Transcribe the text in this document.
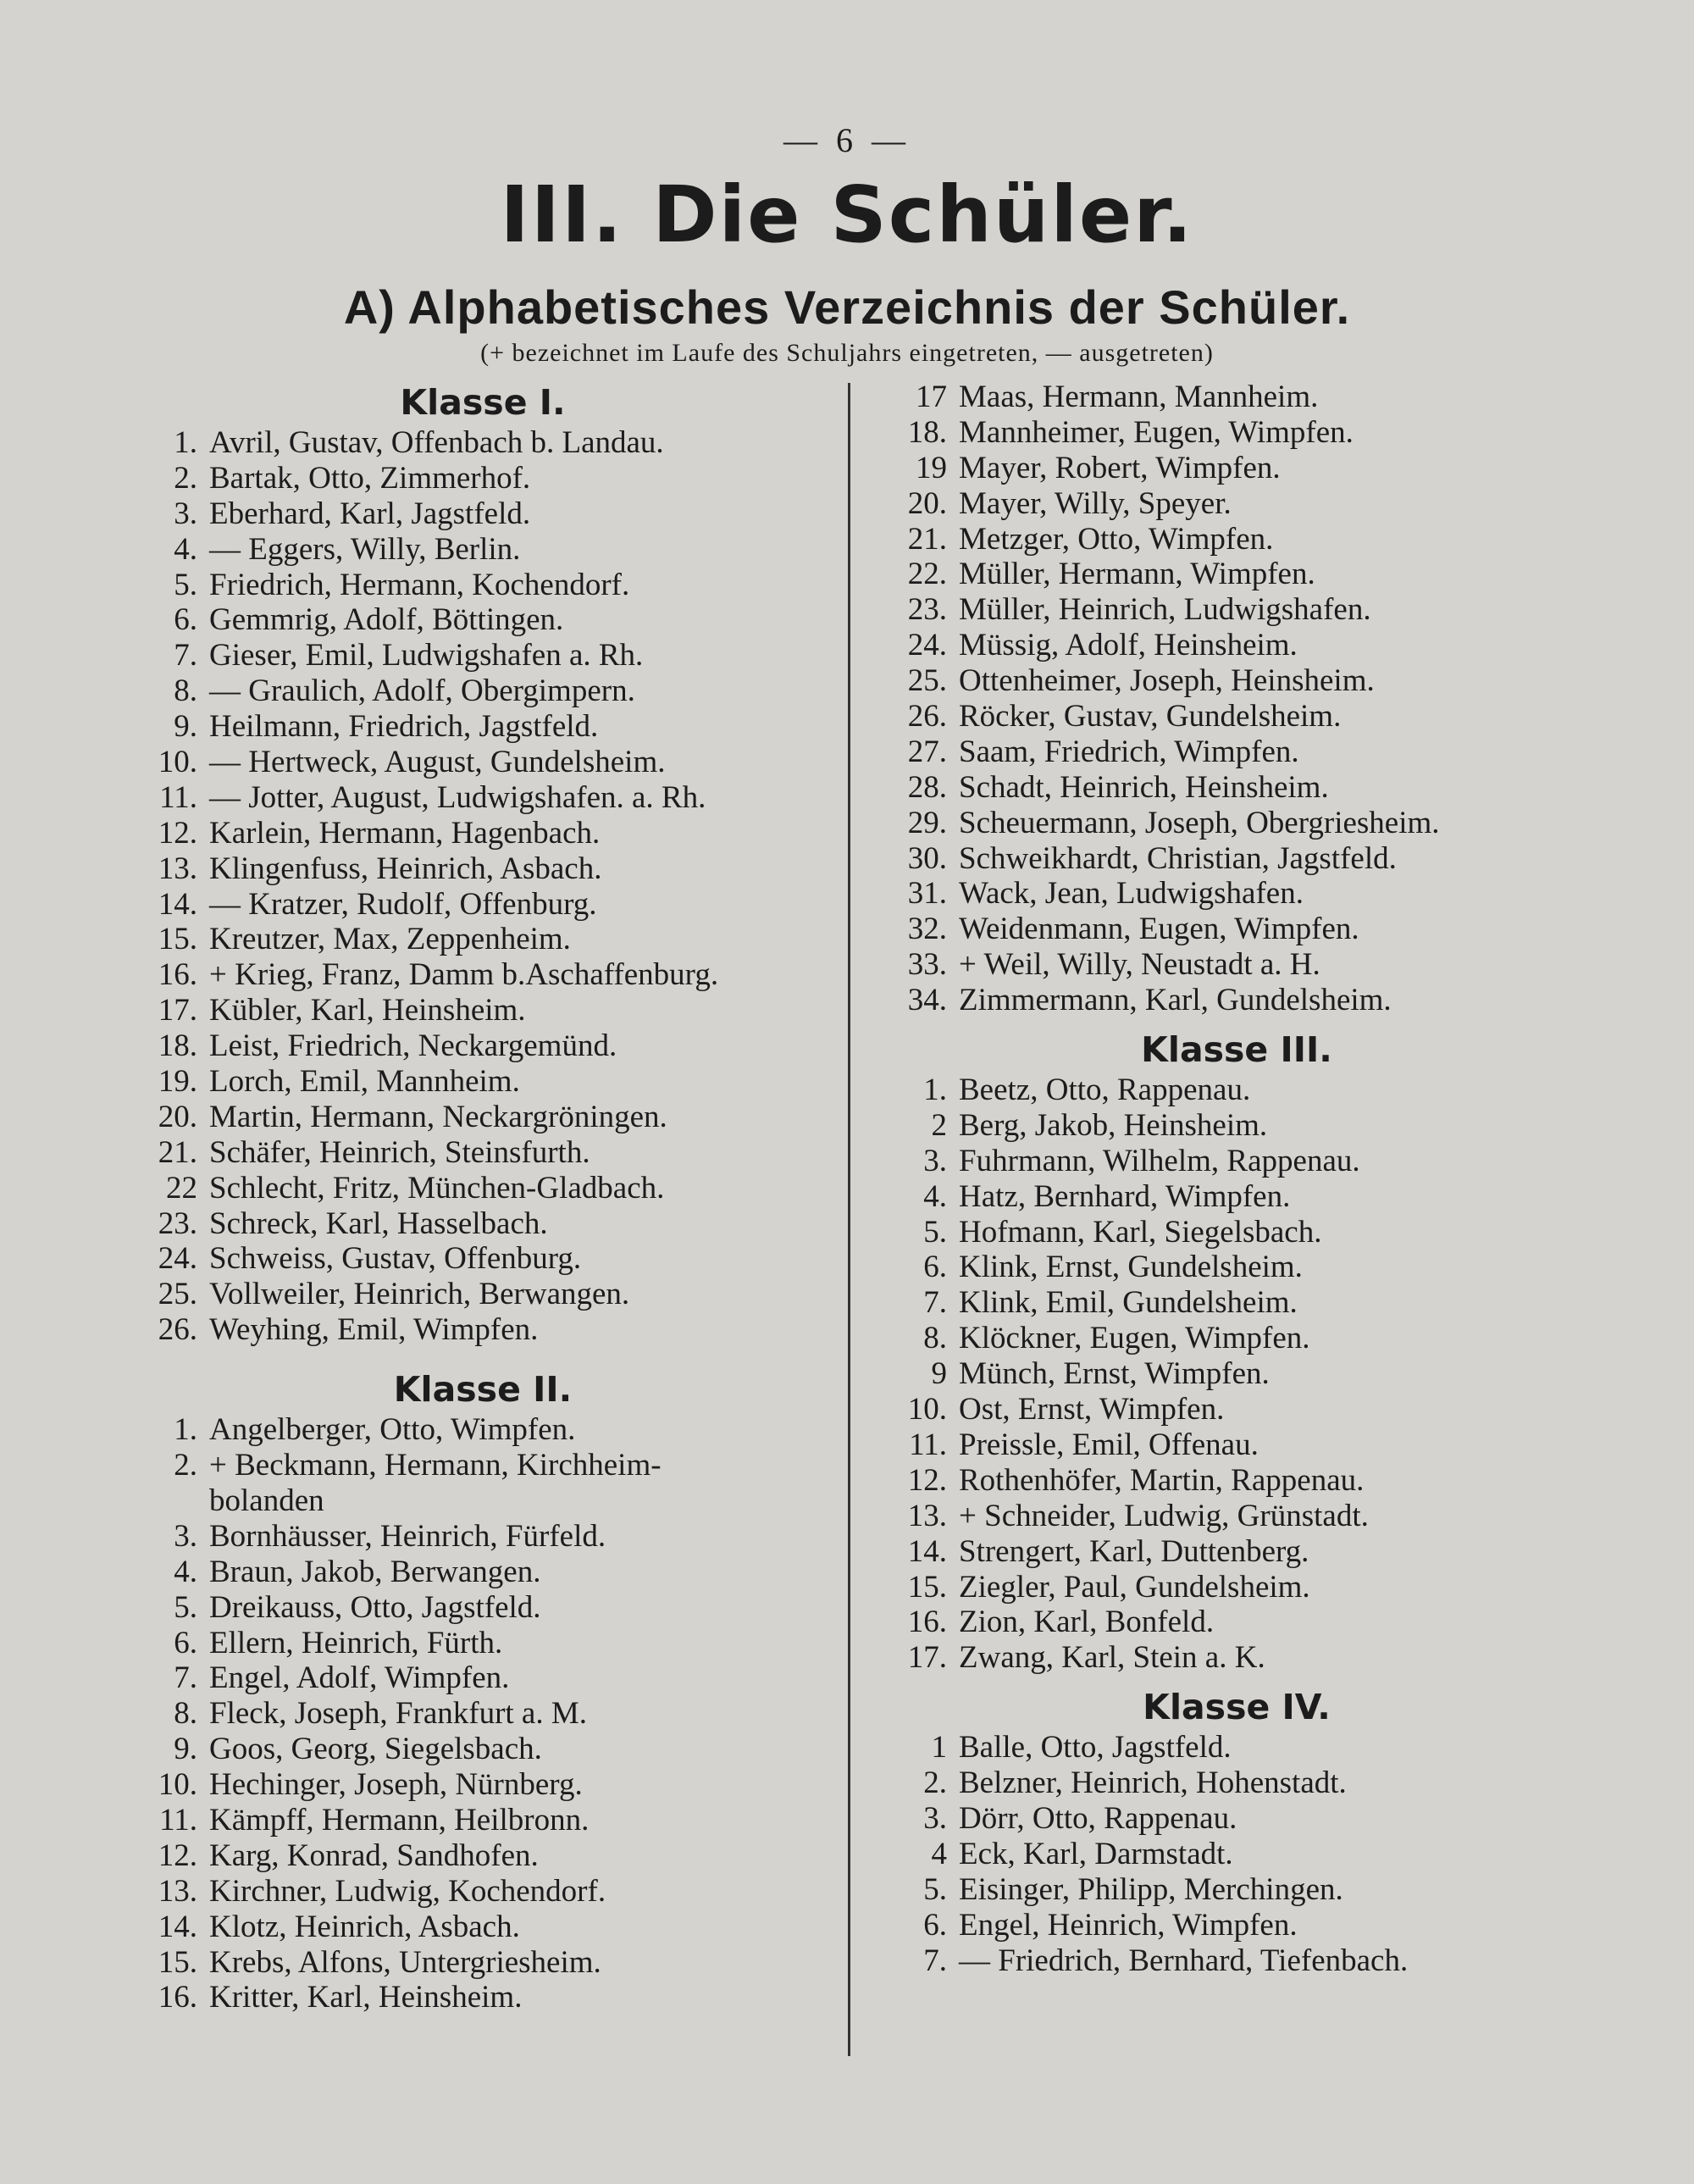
— 6 —
III. Die Schüler.
A) Alphabetisches Verzeichnis der Schüler.
(+ bezeichnet im Laufe des Schuljahrs eingetreten, — ausgetreten)
Klasse I.
1. Avril, Gustav, Offenbach b. Landau.
2. Bartak, Otto, Zimmerhof.
3. Eberhard, Karl, Jagstfeld.
4. — Eggers, Willy, Berlin.
5. Friedrich, Hermann, Kochendorf.
6. Gemmrig, Adolf, Böttingen.
7. Gieser, Emil, Ludwigshafen a. Rh.
8. — Graulich, Adolf, Obergimpern.
9. Heilmann, Friedrich, Jagstfeld.
10. — Hertweck, August, Gundelsheim.
11. — Jotter, August, Ludwigshafen. a. Rh.
12. Karlein, Hermann, Hagenbach.
13. Klingenfuss, Heinrich, Asbach.
14. — Kratzer, Rudolf, Offenburg.
15. Kreutzer, Max, Zeppenheim.
16. + Krieg, Franz, Damm b.Aschaffenburg.
17. Kübler, Karl, Heinsheim.
18. Leist, Friedrich, Neckargemünd.
19. Lorch, Emil, Mannheim.
20. Martin, Hermann, Neckargröningen.
21. Schäfer, Heinrich, Steinsfurth.
22 Schlecht, Fritz, München-Gladbach.
23. Schreck, Karl, Hasselbach.
24. Schweiss, Gustav, Offenburg.
25. Vollweiler, Heinrich, Berwangen.
26. Weyhing, Emil, Wimpfen.
Klasse II.
1. Angelberger, Otto, Wimpfen.
2. + Beckmann, Hermann, Kirchheim-
bolanden
3. Bornhäusser, Heinrich, Fürfeld.
4. Braun, Jakob, Berwangen.
5. Dreikauss, Otto, Jagstfeld.
6. Ellern, Heinrich, Fürth.
7. Engel, Adolf, Wimpfen.
8. Fleck, Joseph, Frankfurt a. M.
9. Goos, Georg, Siegelsbach.
10. Hechinger, Joseph, Nürnberg.
11. Kämpff, Hermann, Heilbronn.
12. Karg, Konrad, Sandhofen.
13. Kirchner, Ludwig, Kochendorf.
14. Klotz, Heinrich, Asbach.
15. Krebs, Alfons, Untergriesheim.
16. Kritter, Karl, Heinsheim.
17 Maas, Hermann, Mannheim.
18. Mannheimer, Eugen, Wimpfen.
19 Mayer, Robert, Wimpfen.
20. Mayer, Willy, Speyer.
21. Metzger, Otto, Wimpfen.
22. Müller, Hermann, Wimpfen.
23. Müller, Heinrich, Ludwigshafen.
24. Müssig, Adolf, Heinsheim.
25. Ottenheimer, Joseph, Heinsheim.
26. Röcker, Gustav, Gundelsheim.
27. Saam, Friedrich, Wimpfen.
28. Schadt, Heinrich, Heinsheim.
29. Scheuermann, Joseph, Obergriesheim.
30. Schweikhardt, Christian, Jagstfeld.
31. Wack, Jean, Ludwigshafen.
32. Weidenmann, Eugen, Wimpfen.
33. + Weil, Willy, Neustadt a. H.
34. Zimmermann, Karl, Gundelsheim.
Klasse III.
1. Beetz, Otto, Rappenau.
2 Berg, Jakob, Heinsheim.
3. Fuhrmann, Wilhelm, Rappenau.
4. Hatz, Bernhard, Wimpfen.
5. Hofmann, Karl, Siegelsbach.
6. Klink, Ernst, Gundelsheim.
7. Klink, Emil, Gundelsheim.
8. Klöckner, Eugen, Wimpfen.
9 Münch, Ernst, Wimpfen.
10. Ost, Ernst, Wimpfen.
11. Preissle, Emil, Offenau.
12. Rothenhöfer, Martin, Rappenau.
13. + Schneider, Ludwig, Grünstadt.
14. Strengert, Karl, Duttenberg.
15. Ziegler, Paul, Gundelsheim.
16. Zion, Karl, Bonfeld.
17. Zwang, Karl, Stein a. K.
Klasse IV.
1 Balle, Otto, Jagstfeld.
2. Belzner, Heinrich, Hohenstadt.
3. Dörr, Otto, Rappenau.
4 Eck, Karl, Darmstadt.
5. Eisinger, Philipp, Merchingen.
6. Engel, Heinrich, Wimpfen.
7. — Friedrich, Bernhard, Tiefenbach.
